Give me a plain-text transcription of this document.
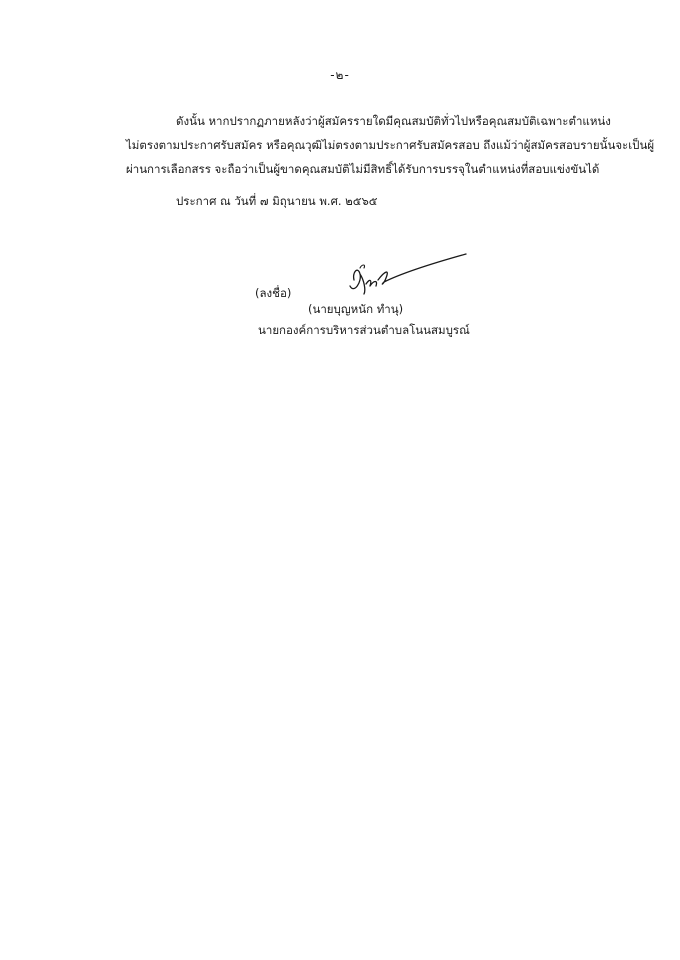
-๒-
ดังนั้น หากปรากฏภายหลังว่าผู้สมัครรายใดมีคุณสมบัติทั่วไปหรือคุณสมบัติเฉพาะตำแหน่ง
ไม่ตรงตามประกาศรับสมัคร หรือคุณวุฒิไม่ตรงตามประกาศรับสมัครสอบ ถึงแม้ว่าผู้สมัครสอบรายนั้นจะเป็นผู้
ผ่านการเลือกสรร จะถือว่าเป็นผู้ขาดคุณสมบัติไม่มีสิทธิ์ได้รับการบรรจุในตำแหน่งที่สอบแข่งขันได้
ประกาศ ณ วันที่ ๗ มิถุนายน พ.ศ. ๒๕๖๕
(ลงชื่อ)
(นายบุญหนัก ทำนุ)
นายกองค์การบริหารส่วนตำบลโนนสมบูรณ์
